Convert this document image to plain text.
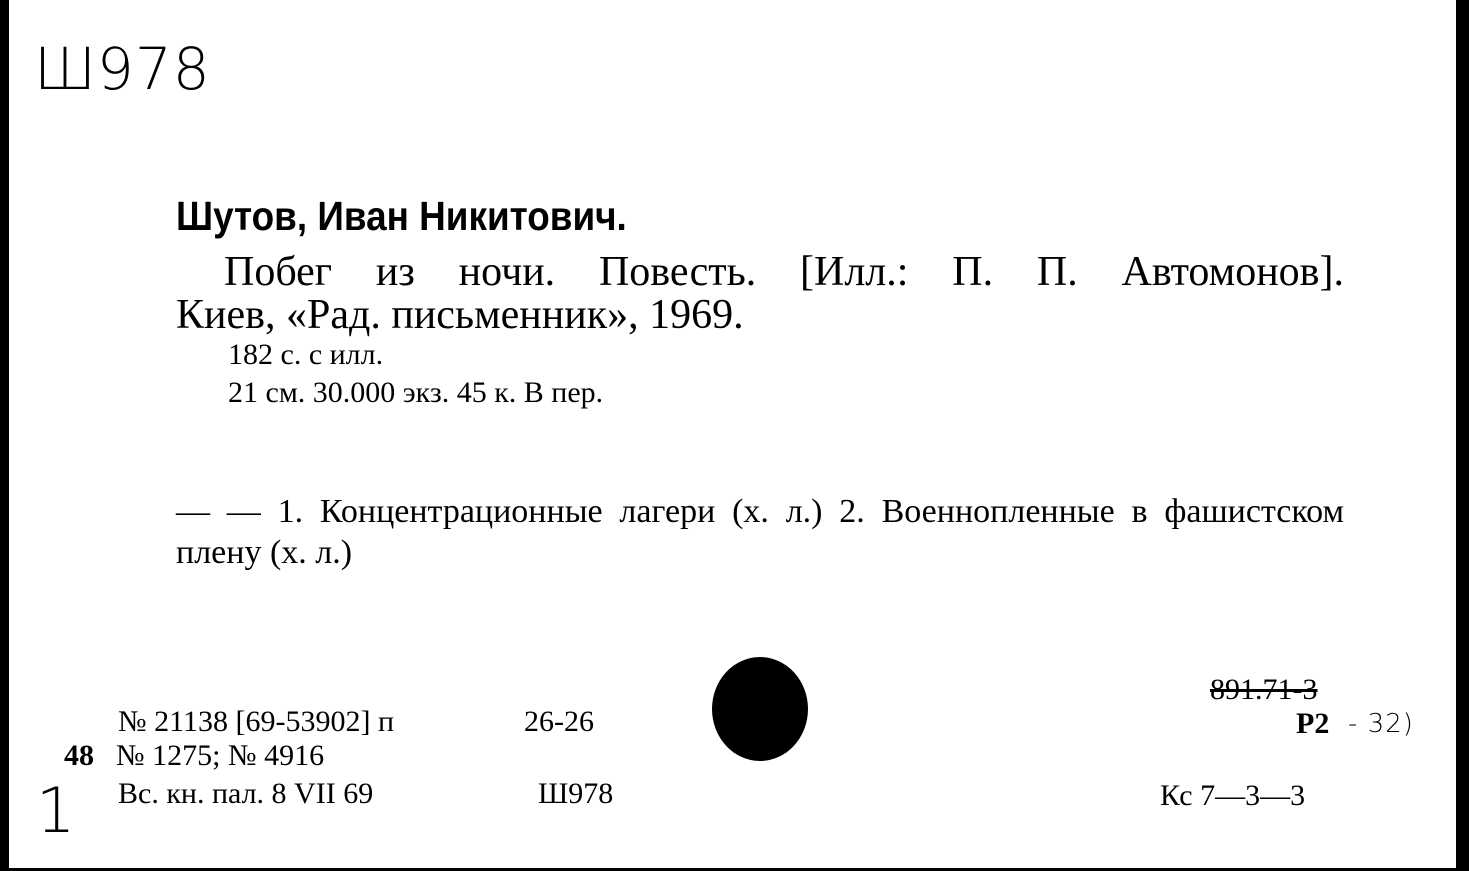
Ш978
Шутов, Иван Никитович.
Побег из ночи. Повесть. [Илл.: П. П. Автомонов].
Киев, «Рад. письменник», 1969.
182 с. с илл.
21 см. 30.000 экз. 45 к. В пер.
— — 1. Концентрационные лагери (х. л.) 2. Военнопленные в фашистском плену (х. л.)
№ 21138 [69-53902] п	26-26
48 № 1275; № 4916
Вс. кн. пал. 8 VII 69	Ш978
1
891.71-3
Р2 - 32)
Кс 7—3—3
